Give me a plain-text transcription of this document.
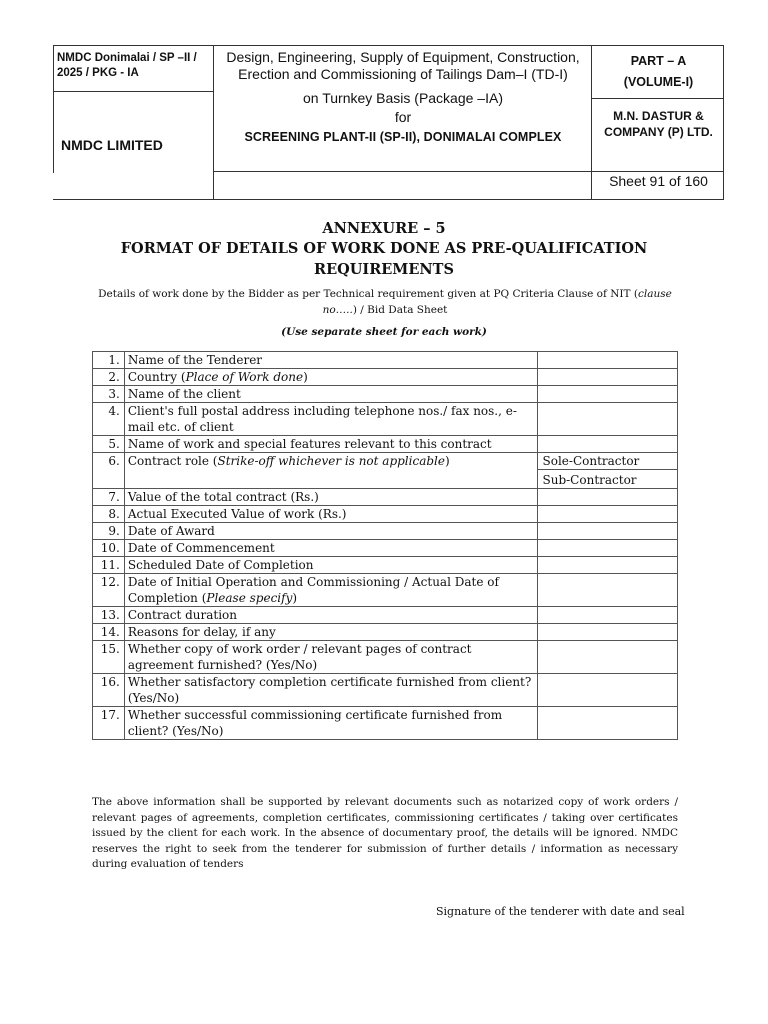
NMDC Donimalai / SP –II / 2025 / PKG - IA
NMDC LIMITED
Design, Engineering, Supply of Equipment, Construction, Erection and Commissioning of Tailings Dam–I (TD-I)
on Turnkey Basis (Package –IA)
for
SCREENING PLANT-II (SP-II), DONIMALAI COMPLEX
PART – A
(VOLUME-I)
M.N. DASTUR & COMPANY (P) LTD.
Sheet 91 of 160
ANNEXURE – 5
FORMAT OF DETAILS OF WORK DONE AS PRE-QUALIFICATION
REQUIREMENTS
Details of work done by the Bidder as per Technical requirement given at PQ Criteria Clause of NIT (clause no…..) / Bid Data Sheet
(Use separate sheet for each work)
1.	Name of the Tenderer	
2.	Country (Place of Work done)	
3.	Name of the client	
4.	Client's full postal address including telephone nos./ fax nos., e-mail etc. of client	
5.	Name of work and special features relevant to this contract	
6.	Contract role (Strike-off whichever is not applicable)	Sole-Contractor
		Sub-Contractor
7.	Value of the total contract (Rs.)	
8.	Actual Executed Value of work (Rs.)	
9.	Date of Award	
10.	Date of Commencement	
11.	Scheduled Date of Completion	
12.	Date of Initial Operation and Commissioning / Actual Date of Completion (Please specify)	
13.	Contract duration	
14.	Reasons for delay, if any	
15.	Whether copy of work order / relevant pages of contract agreement furnished? (Yes/No)	
16.	Whether satisfactory completion certificate furnished from client? (Yes/No)	
17.	Whether successful commissioning certificate furnished from client? (Yes/No)	
The above information shall be supported by relevant documents such as notarized copy of work orders / relevant pages of agreements, completion certificates, commissioning certificates / taking over certificates issued by the client for each work. In the absence of documentary proof, the details will be ignored. NMDC reserves the right to seek from the tenderer for submission of further details / information as necessary during evaluation of tenders
Signature of the tenderer with date and seal
